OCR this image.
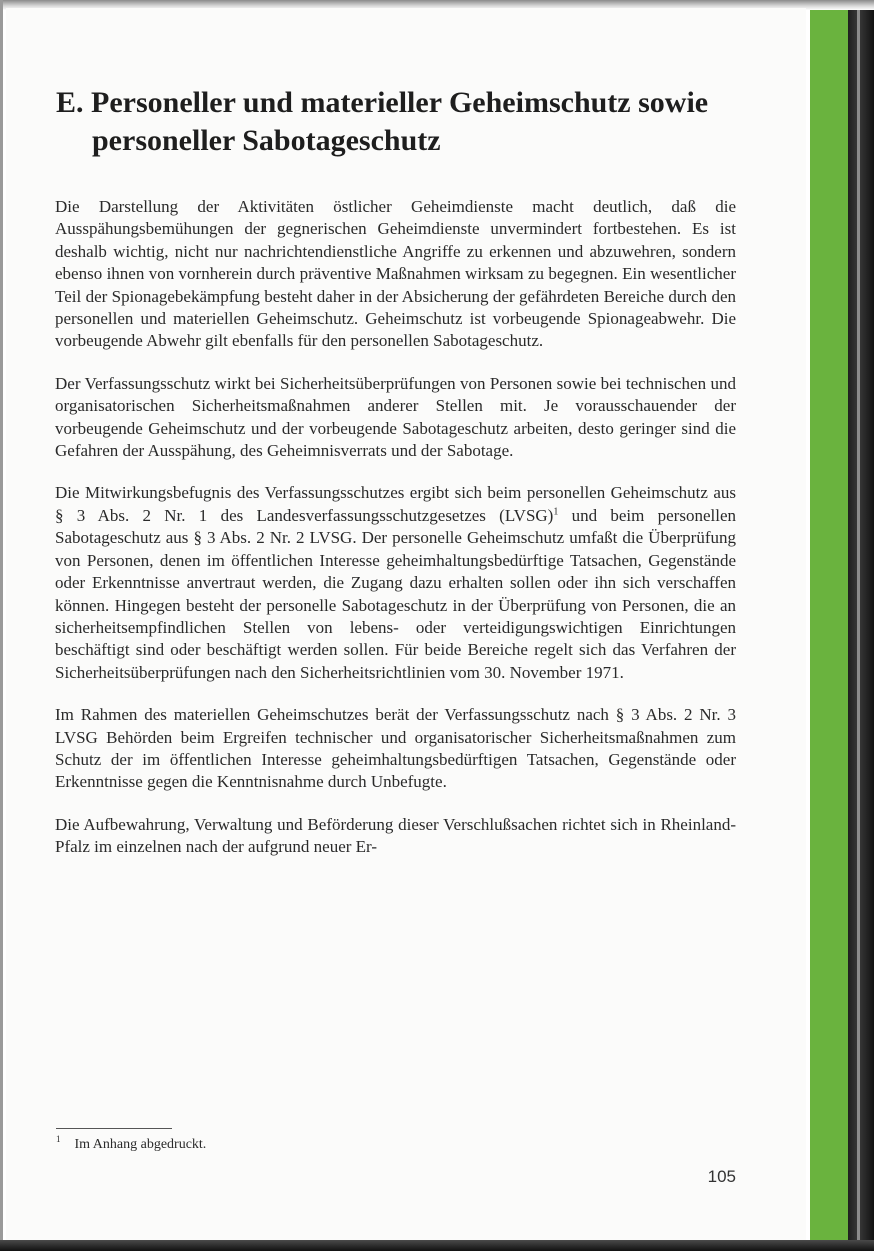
E. Personeller und materieller Geheimschutz sowie
personeller Sabotageschutz

Die Darstellung der Aktivitäten östlicher Geheimdienste macht deutlich, daß die Ausspähungsbemühungen der gegnerischen Geheimdienste unvermindert fortbestehen. Es ist deshalb wichtig, nicht nur nachrichtendienstliche Angriffe zu erkennen und abzuwehren, sondern ebenso ihnen von vornherein durch präventive Maßnahmen wirksam zu begegnen. Ein wesentlicher Teil der Spionagebekämpfung besteht daher in der Absicherung der gefährdeten Bereiche durch den personellen und materiellen Geheimschutz. Geheimschutz ist vorbeugende Spionageabwehr. Die vorbeugende Abwehr gilt ebenfalls für den personellen Sabotageschutz.

Der Verfassungsschutz wirkt bei Sicherheitsüberprüfungen von Personen sowie bei technischen und organisatorischen Sicherheitsmaßnahmen anderer Stellen mit. Je vorausschauender der vorbeugende Geheimschutz und der vorbeugende Sabotageschutz arbeiten, desto geringer sind die Gefahren der Ausspähung, des Geheimnisverrats und der Sabotage.

Die Mitwirkungsbefugnis des Verfassungsschutzes ergibt sich beim personellen Geheimschutz aus § 3 Abs. 2 Nr. 1 des Landesverfassungsschutzgesetzes (LVSG)$^1$ und beim personellen Sabotageschutz aus § 3 Abs. 2 Nr. 2 LVSG. Der personelle Geheimschutz umfaßt die Überprüfung von Personen, denen im öffentlichen Interesse geheimhaltungsbedürftige Tatsachen, Gegenstände oder Erkenntnisse anvertraut werden, die Zugang dazu erhalten sollen oder ihn sich verschaffen können. Hingegen besteht der personelle Sabotageschutz in der Überprüfung von Personen, die an sicherheitsempfindlichen Stellen von lebens- oder verteidigungswichtigen Einrichtungen beschäftigt sind oder beschäftigt werden sollen. Für beide Bereiche regelt sich das Verfahren der Sicherheitsüberprüfungen nach den Sicherheitsrichtlinien vom 30. November 1971.

Im Rahmen des materiellen Geheimschutzes berät der Verfassungsschutz nach § 3 Abs. 2 Nr. 3 LVSG Behörden beim Ergreifen technischer und organisatorischer Sicherheitsmaßnahmen zum Schutz der im öffentlichen Interesse geheimhaltungsbedürftigen Tatsachen, Gegenstände oder Erkenntnisse gegen die Kenntnisnahme durch Unbefugte.

Die Aufbewahrung, Verwaltung und Beförderung dieser Verschlußsachen richtet sich in Rheinland-Pfalz im einzelnen nach der aufgrund neuer Er-

$^1$ Im Anhang abgedruckt.
105
